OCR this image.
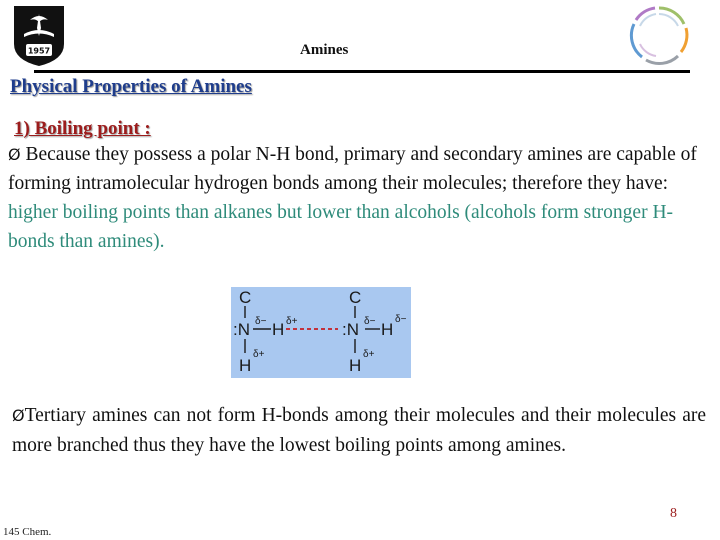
1957	Amines
Physical Properties of Amines
1) Boiling point :
Ø Because they possess a polar N-H bond, primary and secondary amines are capable of forming intramolecular hydrogen bonds among their molecules; therefore they have: higher boiling points than alkanes but lower than alcohols (alcohols form stronger H-bonds than amines).
C
:N δ− H δ+
H
δ+
C
:N δ− H
δ−
H
δ+
ØTertiary amines can not form H-bonds among their molecules and their molecules are more branched thus they have the lowest boiling points among amines.
8
145 Chem.
